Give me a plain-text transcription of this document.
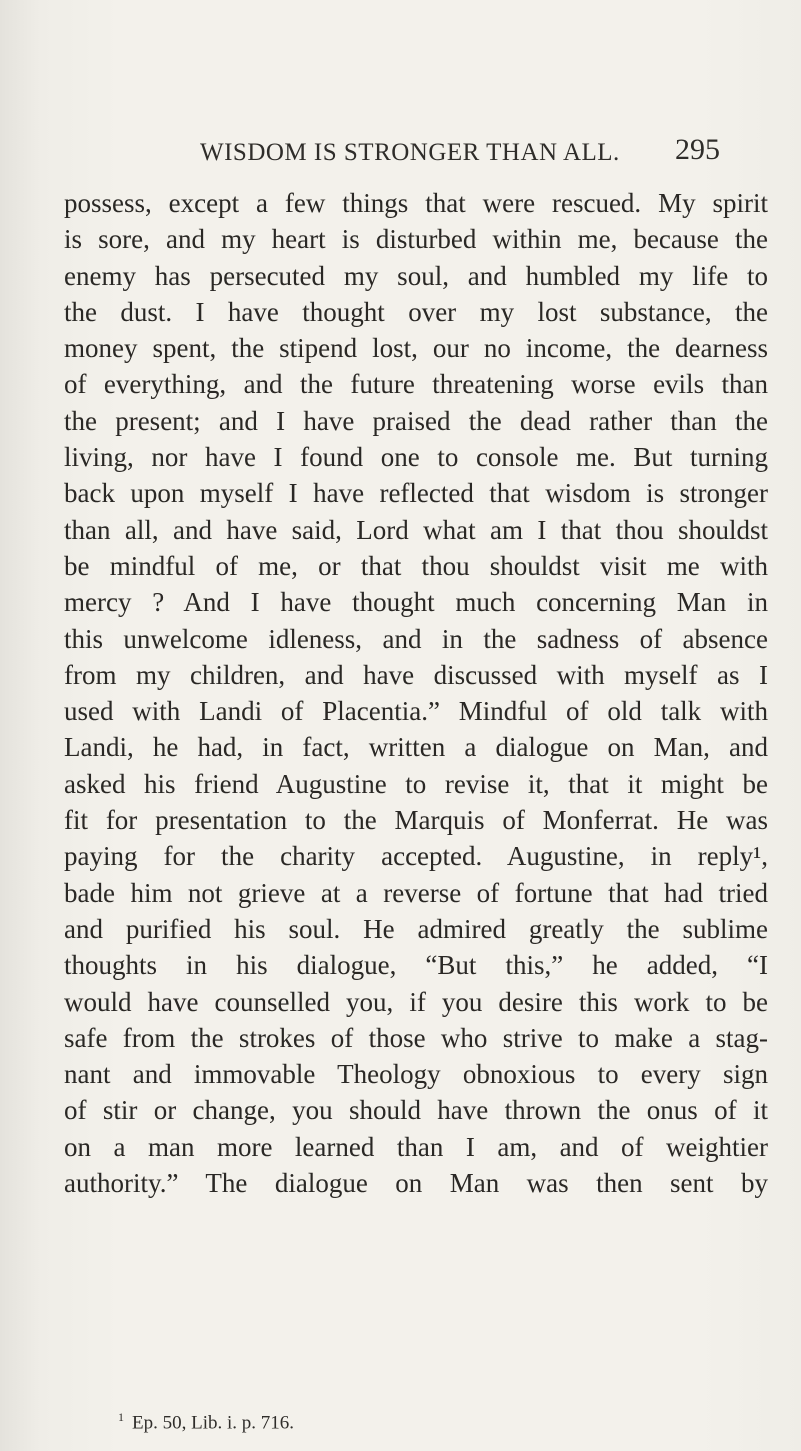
WISDOM IS STRONGER THAN ALL. 295
possess, except a few things that were rescued. My spirit
is sore, and my heart is disturbed within me, because the
enemy has persecuted my soul, and humbled my life to
the dust. I have thought over my lost substance, the
money spent, the stipend lost, our no income, the dearness
of everything, and the future threatening worse evils than
the present; and I have praised the dead rather than the
living, nor have I found one to console me. But turning
back upon myself I have reflected that wisdom is stronger
than all, and have said, Lord what am I that thou shouldst
be mindful of me, or that thou shouldst visit me with
mercy ? And I have thought much concerning Man in
this unwelcome idleness, and in the sadness of absence
from my children, and have discussed with myself as I
used with Landi of Placentia.” Mindful of old talk with
Landi, he had, in fact, written a dialogue on Man, and
asked his friend Augustine to revise it, that it might be
fit for presentation to the Marquis of Monferrat. He was
paying for the charity accepted. Augustine, in reply¹,
bade him not grieve at a reverse of fortune that had tried
and purified his soul. He admired greatly the sublime
thoughts in his dialogue, “But this,” he added, “I
would have counselled you, if you desire this work to be
safe from the strokes of those who strive to make a stag-
nant and immovable Theology obnoxious to every sign
of stir or change, you should have thrown the onus of it
on a man more learned than I am, and of weightier
authority.” The dialogue on Man was then sent by
$^1$ Ep. 50, Lib. i. p. 716.
